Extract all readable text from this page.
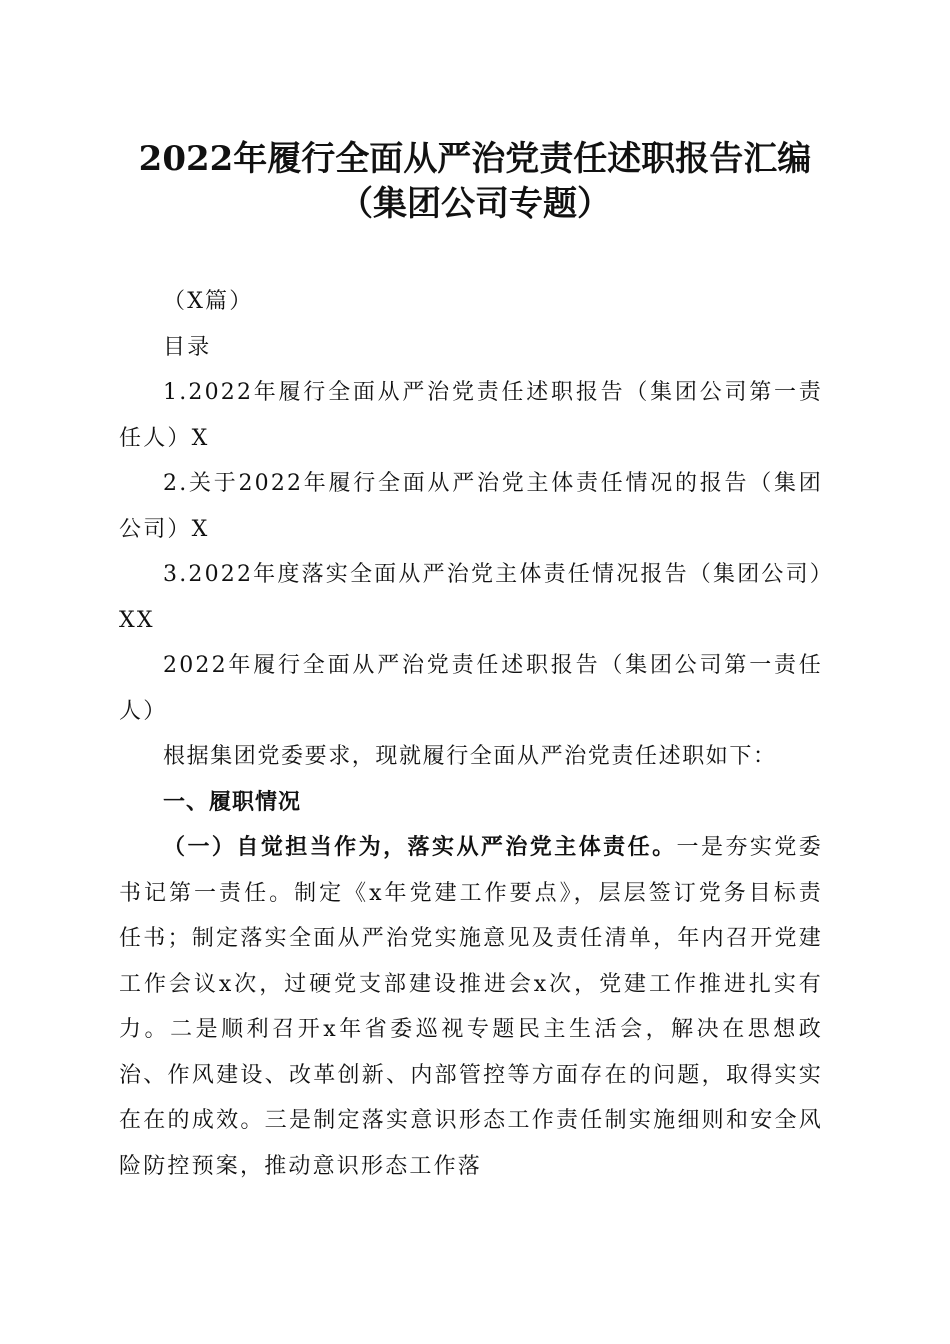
2022年履行全面从严治党责任述职报告汇编
（集团公司专题）

（X篇）

目录

1.2022年履行全面从严治党责任述职报告（集团公司第一责任人）X

2.关于2022年履行全面从严治党主体责任情况的报告（集团公司）X

3.2022年度落实全面从严治党主体责任情况报告（集团公司）XX

2022年履行全面从严治党责任述职报告（集团公司第一责任人）

根据集团党委要求，现就履行全面从严治党责任述职如下：

一、履职情况

（一）自觉担当作为，落实从严治党主体责任。一是夯实党委书记第一责任。制定《x年党建工作要点》，层层签订党务目标责任书；制定落实全面从严治党实施意见及责任清单，年内召开党建工作会议x次，过硬党支部建设推进会x次，党建工作推进扎实有力。二是顺利召开x年省委巡视专题民主生活会，解决在思想政治、作风建设、改革创新、内部管控等方面存在的问题，取得实实在在的成效。三是制定落实意识形态工作责任制实施细则和安全风险防控预案，推动意识形态工作落
